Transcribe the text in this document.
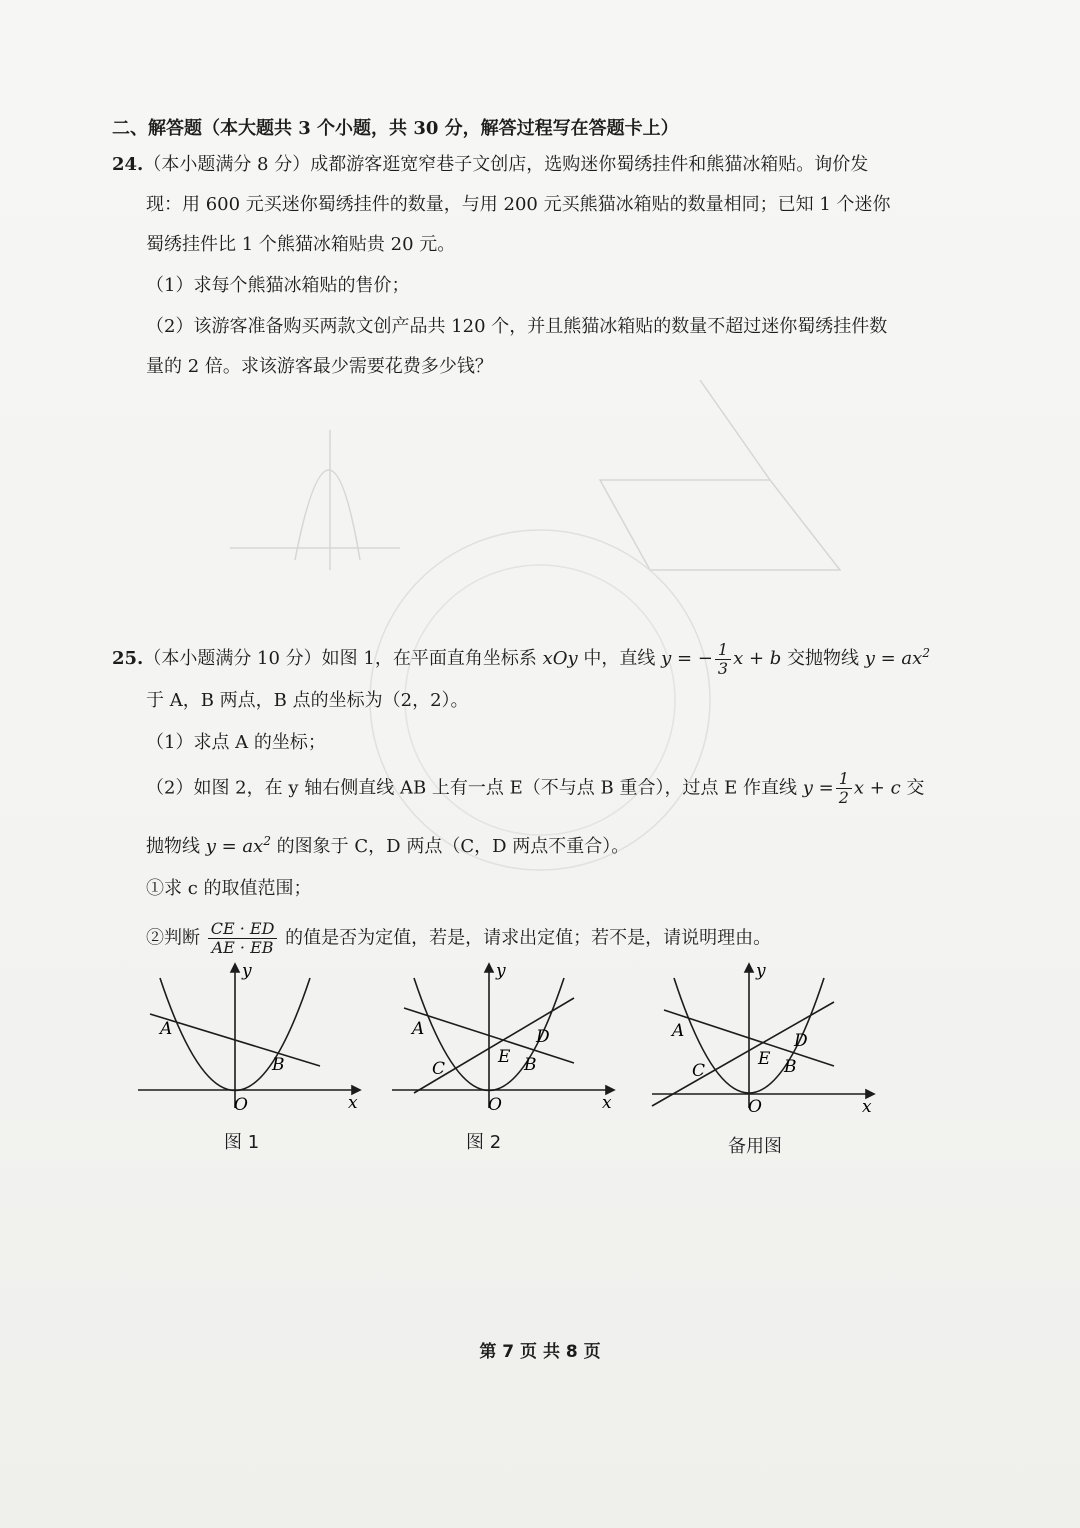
二、解答题（本大题共 3 个小题，共 30 分，解答过程写在答题卡上）
24.（本小题满分 8 分）成都游客逛宽窄巷子文创店，选购迷你蜀绣挂件和熊猫冰箱贴。询价发
现：用 600 元买迷你蜀绣挂件的数量，与用 200 元买熊猫冰箱贴的数量相同；已知 1 个迷你
蜀绣挂件比 1 个熊猫冰箱贴贵 20 元。
（1）求每个熊猫冰箱贴的售价；
（2）该游客准备购买两款文创产品共 120 个，并且熊猫冰箱贴的数量不超过迷你蜀绣挂件数
量的 2 倍。求该游客最少需要花费多少钱？
25.（本小题满分 10 分）如图 1，在平面直角坐标系 xOy 中，直线 y = − $\frac{1}{3}$ x + b 交抛物线 $y = ax^2$
于 A，B 两点，B 点的坐标为（2，2）。
（1）求点 A 的坐标；
（2）如图 2，在 y 轴右侧直线 AB 上有一点 E（不与点 B 重合），过点 E 作直线 $y = \frac{1}{2}$ x + c 交
抛物线 $y = ax^2$ 的图象于 C，D 两点（C，D 两点不重合）。
①求 c 的取值范围；
②判断 $\frac{CE \cdot ED}{AE \cdot EB}$ 的值是否为定值，若是，请求出定值；若不是，请说明理由。
y
x
O
A
B
图 1
y
x
O
A
B
C
D
E
图 2
y
x
O
A
B
C
D
E
备用图
第 7 页 共 8 页
